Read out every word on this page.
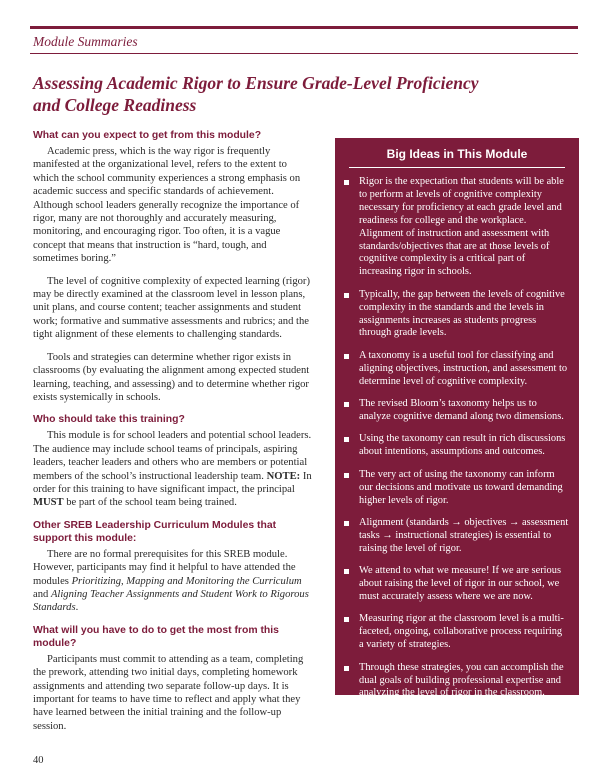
Module Summaries
Assessing Academic Rigor to Ensure Grade-Level Proficiency
and College Readiness
What can you expect to get from this module?

Academic press, which is the way rigor is frequently manifested at the organizational level, refers to the extent to which the school community experiences a strong emphasis on academic success and specific standards of achievement. Although school leaders generally recognize the importance of rigor, many are not thoroughly and accurately measuring, monitoring, and encouraging rigor. Too often, it is a vague concept that means that instruction is “hard, tough, and sometimes boring.”

The level of cognitive complexity of expected learning (rigor) may be directly examined at the classroom level in lesson plans, unit plans, and course content; teacher assignments and student work; formative and summative assessments and rubrics; and the tight alignment of these elements to challenging standards.

Tools and strategies can determine whether rigor exists in classrooms (by evaluating the alignment among expected student learning, teaching, and assessing) and to determine whether rigor exists systemically in schools.

Who should take this training?

This module is for school leaders and potential school leaders. The audience may include school teams of principals, aspiring leaders, teacher leaders and others who are members or potential members of the school’s instructional leadership team. NOTE: In order for this training to have significant impact, the principal MUST be part of the school team being trained.

Other SREB Leadership Curriculum Modules that support this module:

There are no formal prerequisites for this SREB module. However, participants may find it helpful to have attended the modules Prioritizing, Mapping and Monitoring the Curriculum and Aligning Teacher Assignments and Student Work to Rigorous Standards.

What will you have to do to get the most from this module?

Participants must commit to attending as a team, completing the prework, attending two initial days, completing homework assignments and attending two separate follow-up days. It is important for teams to have time to reflect and apply what they have learned between the initial training and the follow-up session.

Big Ideas in This Module
Rigor is the expectation that students will be able to perform at levels of cognitive complexity necessary for proficiency at each grade level and readiness for college and the workplace. Alignment of instruction and assessment with standards/objectives that are at those levels of cognitive complexity is a critical part of increasing rigor in schools.
Typically, the gap between the levels of cognitive complexity in the standards and the levels in assignments increases as students progress through grade levels.
A taxonomy is a useful tool for classifying and aligning objectives, instruction, and assessment to determine level of cognitive complexity.
The revised Bloom’s taxonomy helps us to analyze cognitive demand along two dimensions.
Using the taxonomy can result in rich discussions about intentions, assumptions and outcomes.
The very act of using the taxonomy can inform our decisions and motivate us toward demanding higher levels of rigor.
Alignment (standards → objectives → assessment tasks → instructional strategies) is essential to raising the level of rigor.
We attend to what we measure! If we are serious about raising the level of rigor in our school, we must accurately assess where we are now.
Measuring rigor at the classroom level is a multi-faceted, ongoing, collaborative process requiring a variety of strategies.
Through these strategies, you can accomplish the dual goals of building professional expertise and analyzing the level of rigor in the classroom.
40
